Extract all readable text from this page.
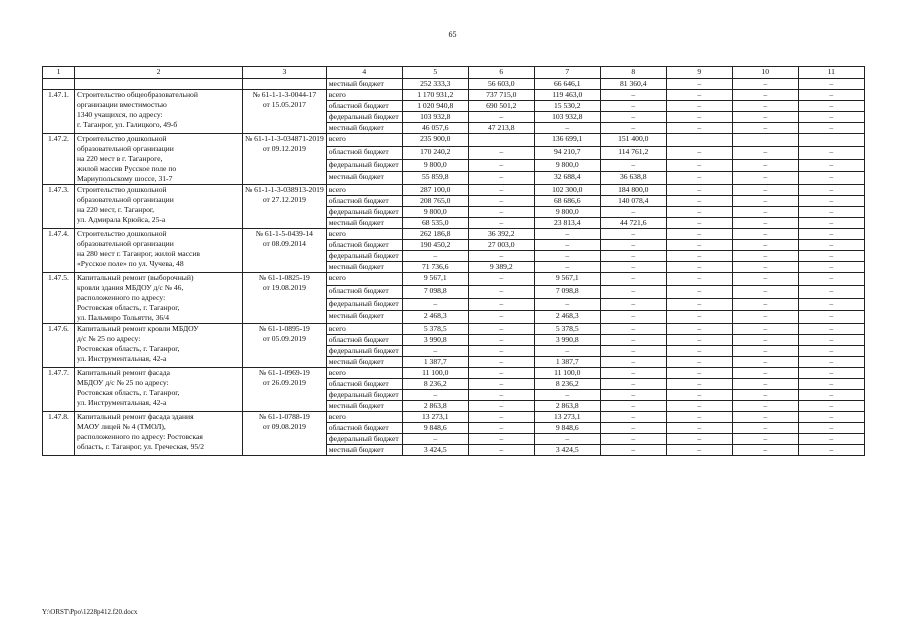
65
1	2	3	4	5	6	7	8	9	10	11
			местный бюджет	252 333,3	56 603,0	66 646,1	81 360,4	–	–	–
1.47.1.	Строительство общеобразовательной
организации вместимостью
1340 учащихся, по адресу:
г. Таганрог, ул. Галицкого, 49-б	№ 61-1-1-3-0044-17
от 15.05.2017	всего	1 170 931,2	737 715,0	119 463,0	–	–	–	–
			областной бюджет	1 020 940,8	690 501,2	15 530,2	–	–	–	–
			федеральный бюджет	103 932,8	–	103 932,8	–	–	–	–
			местный бюджет	46 057,6	47 213,8	–	–	–	–	–
1.47.2.	Строительство дошкольной
образовательной организации
на 220 мест в г. Таганроге,
жилой массив Русское поле по
Мариупольскому шоссе, 31-7	№ 61-1-1-3-034871-2019
от 09.12.2019	всего	235 900,0		136 699,1	151 400,0			
			областной бюджет	170 240,2	–	94 210,7	114 761,2	–	–	–
			федеральный бюджет	9 800,0	–	9 800,0	–	–	–	–
			местный бюджет	55 859,8	–	32 688,4	36 638,8	–	–	–
1.47.3.	Строительство дошкольной
образовательной организации
на 220 мест, г. Таганрог,
ул. Адмирала Крюйса, 25-а	№ 61-1-1-3-038913-2019
от 27.12.2019	всего	287 100,0	–	102 300,0	184 800,0	–	–	–
			областной бюджет	208 765,0	–	68 686,6	140 078,4	–	–	–
			федеральный бюджет	9 800,0	–	9 800,0	–	–	–	–
			местный бюджет	68 535,0	–	23 813,4	44 721,6	–	–	–
1.47.4.	Строительство дошкольной
образовательной организации
на 280 мест г. Таганрог, жилой массив
«Русское поле» по ул. Чучева, 48	№ 61-1-5-0439-14
от 08.09.2014	всего	262 186,8	36 392,2	–	–	–	–	–
			областной бюджет	190 450,2	27 003,0	–	–	–	–	–
			федеральный бюджет	–	–	–	–	–	–	–
			местный бюджет	71 736,6	9 389,2	–	–	–	–	–
1.47.5.	Капитальный ремонт (выборочный)
кровли здания МБДОУ д/с № 46,
расположенного по адресу:
Ростовская область, г. Таганрог,
ул. Пальмиро Тольятти, 36/4	№ 61-1-0825-19
от 19.08.2019	всего	9 567,1	–	9 567,1	–	–	–	–
			областной бюджет	7 098,8	–	7 098,8	–	–	–	–
			федеральный бюджет	–	–	–	–	–	–	–
			местный бюджет	2 468,3	–	2 468,3	–	–	–	–
1.47.6.	Капитальный ремонт кровли МБДОУ
д/с № 25 по адресу:
Ростовская область, г. Таганрог,
ул. Инструментальная, 42-а	№ 61-1-0895-19
от 05.09.2019	всего	5 378,5	–	5 378,5	–	–	–	–
			областной бюджет	3 990,8	–	3 990,8	–	–	–	–
			федеральный бюджет	–	–	–	–	–	–	–
			местный бюджет	1 387,7	–	1 387,7	–	–	–	–
1.47.7.	Капитальный ремонт фасада
МБДОУ д/с № 25 по адресу:
Ростовская область, г. Таганрог,
ул. Инструментальная, 42-а	№ 61-1-0969-19
от 26.09.2019	всего	11 100,0	–	11 100,0	–	–	–	–
			областной бюджет	8 236,2	–	8 236,2	–	–	–	–
			федеральный бюджет	–	–	–	–	–	–	–
			местный бюджет	2 863,8	–	2 863,8	–	–	–	–
1.47.8.	Капитальный ремонт фасада здания
МАОУ лицей № 4 (ТМОЛ),
расположенного по адресу: Ростовская
область, г. Таганрог, ул. Греческая, 95/2	№ 61-1-0788-19
от 09.08.2019	всего	13 273,1	–	13 273,1	–	–	–	–
			областной бюджет	9 848,6	–	9 848,6	–	–	–	–
			федеральный бюджет	–	–	–	–	–	–	–
			местный бюджет	3 424,5	–	3 424,5	–	–	–	–
Y:\ORST\Ppo\1228p412.f20.docx
